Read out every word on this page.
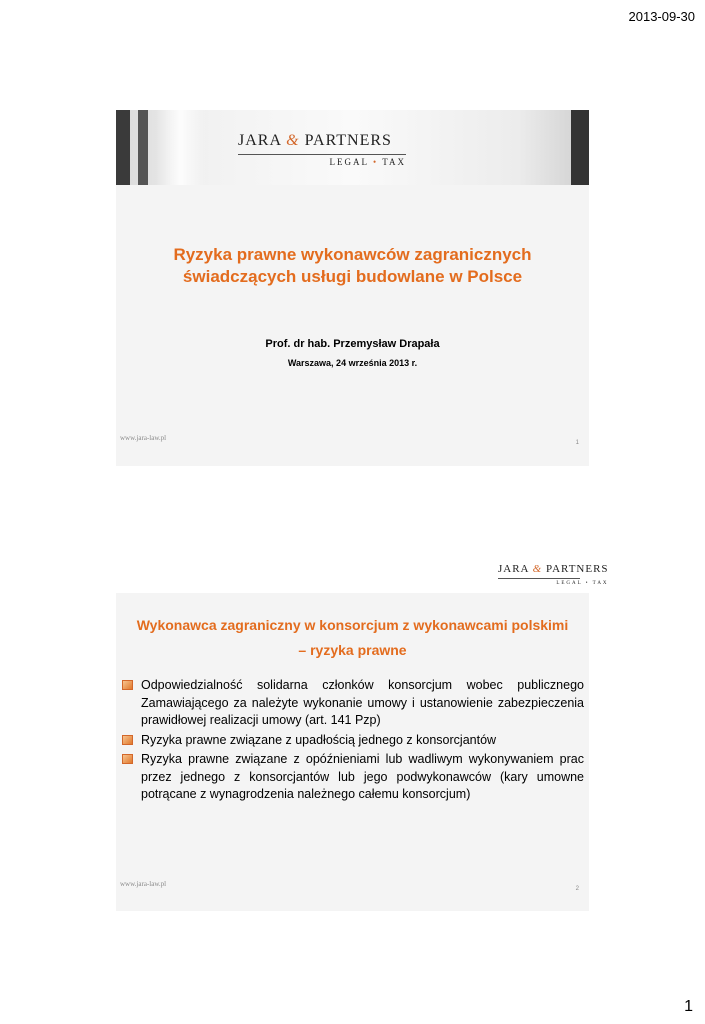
2013-09-30
JARA & PARTNERS
LEGAL • TAX
Ryzyka prawne wykonawców zagranicznych
świadczących usługi budowlane w Polsce
Prof. dr hab. Przemysław Drapała
Warszawa, 24 września 2013 r.
www.jara-law.pl
1
JARA & PARTNERS
LEGAL • TAX
Wykonawca zagraniczny w konsorcjum z wykonawcami polskimi
– ryzyka prawne
Odpowiedzialność solidarna członków konsorcjum wobec publicznego Zamawiającego za należyte wykonanie umowy i ustanowienie zabezpieczenia prawidłowej realizacji umowy (art. 141 Pzp)
Ryzyka prawne związane z upadłością jednego z konsorcjantów
Ryzyka prawne związane z opóźnieniami lub wadliwym wykonywaniem prac przez jednego z konsorcjantów lub jego podwykonawców (kary umowne potrącane z wynagrodzenia należnego całemu konsorcjum)
www.jara-law.pl
2
1
